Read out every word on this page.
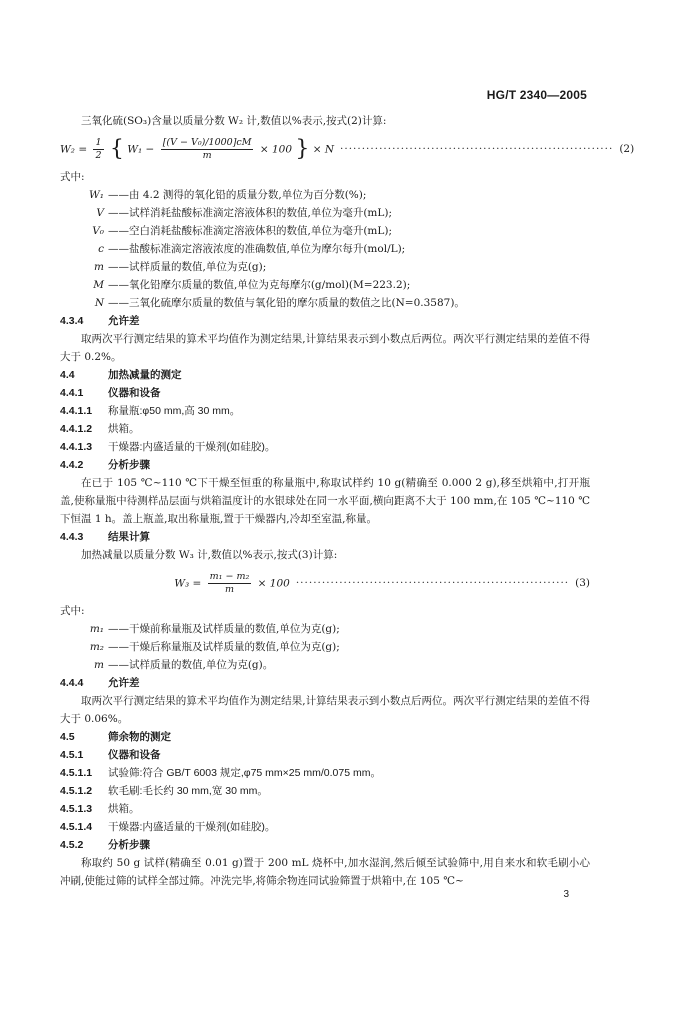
HG/T 2340—2005

三氧化硫(SO₃)含量以质量分数 W₂ 计,数值以%表示,按式(2)计算:

$W_2 = \frac{1}{2}$ { $W_1 - \frac{\text{[(V − V₀)/1000]cM}}{m} \times 100$ } × N ······························································· (2)

式中:

W₁ ——由 4.2 测得的氧化铅的质量分数,单位为百分数(%);

V ——试样消耗盐酸标准滴定溶液体积的数值,单位为毫升(mL);

V₀ ——空白消耗盐酸标准滴定溶液体积的数值,单位为毫升(mL);

c ——盐酸标准滴定溶液浓度的准确数值,单位为摩尔每升(mol/L);

m ——试样质量的数值,单位为克(g);

M ——氧化铅摩尔质量的数值,单位为克每摩尔(g/mol)(M=223.2);

N ——三氧化硫摩尔质量的数值与氧化铅的摩尔质量的数值之比(N=0.3587)。

4.3.4 允许差

取两次平行测定结果的算术平均值作为测定结果,计算结果表示到小数点后两位。两次平行测定结果的差值不得大于 0.2%。

4.4	加热减量的测定

4.4.1 仪器和设备

4.4.1.1 称量瓶:φ50 mm,高 30 mm。

4.4.1.2 烘箱。

4.4.1.3 干燥器:内盛适量的干燥剂(如硅胶)。

4.4.2 分析步骤

在已于 105 ℃~110 ℃下干燥至恒重的称量瓶中,称取试样约 10 g(精确至 0.000 2 g),移至烘箱中,打开瓶盖,使称量瓶中待测样品层面与烘箱温度计的水银球处在同一水平面,横向距离不大于 100 mm,在 105 ℃~110 ℃下恒温 1 h。盖上瓶盖,取出称量瓶,置于干燥器内,冷却至室温,称量。

4.4.3 结果计算

加热减量以质量分数 W₃ 计,数值以%表示,按式(3)计算:

$W_3 = \frac{\text{m₁ − m₂}}{m} \times 100$ ······························································· (3)

式中:

m₁ ——干燥前称量瓶及试样质量的数值,单位为克(g);

m₂ ——干燥后称量瓶及试样质量的数值,单位为克(g);

m ——试样质量的数值,单位为克(g)。

4.4.4 允许差

取两次平行测定结果的算术平均值作为测定结果,计算结果表示到小数点后两位。两次平行测定结果的差值不得大于 0.06%。

4.5	筛余物的测定

4.5.1 仪器和设备

4.5.1.1 试验筛:符合 GB/T 6003 规定,φ75 mm×25 mm/0.075 mm。

4.5.1.2 软毛刷:毛长约 30 mm,宽 30 mm。

4.5.1.3 烘箱。

4.5.1.4 干燥器:内盛适量的干燥剂(如硅胶)。

4.5.2 分析步骤

称取约 50 g 试样(精确至 0.01 g)置于 200 mL 烧杯中,加水湿润,然后倾至试验筛中,用自来水和软毛刷小心冲刷,使能过筛的试样全部过筛。冲洗完毕,将筛余物连同试验筛置于烘箱中,在 105 ℃~

3
